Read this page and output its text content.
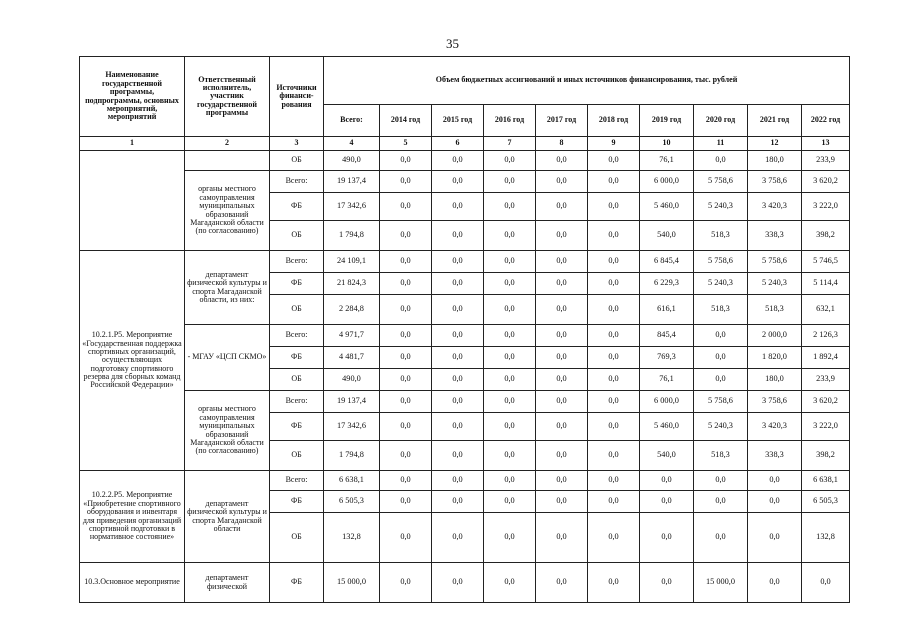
35
Наименование государственной программы, подпрограммы, основных мероприятий, мероприятий	Ответственный исполнитель, участник государственной программы	Источники финанси-рования	Объем бюджетных ассигнований и иных источников финансирования, тыс. рублей									
			Всего:	2014 год	2015 год	2016 год	2017 год	2018 год	2019 год	2020 год	2021 год	2022 год
1	2	3	4	5	6	7	8	9	10	11	12	13
		ОБ	490,0	0,0	0,0	0,0	0,0	0,0	76,1	0,0	180,0	233,9
	органы местного самоуправления муниципальных образований Магаданской области (по согласованию)	Всего:	19 137,4	0,0	0,0	0,0	0,0	0,0	6 000,0	5 758,6	3 758,6	3 620,2
		ФБ	17 342,6	0,0	0,0	0,0	0,0	0,0	5 460,0	5 240,3	3 420,3	3 222,0
		ОБ	1 794,8	0,0	0,0	0,0	0,0	0,0	540,0	518,3	338,3	398,2
10.2.1.Р5. Мероприятие «Государственная поддержка спортивных организаций, осуществляющих подготовку спортивного резерва для сборных команд Российской Федерации»	департамент физической культуры и спорта Магаданской области, из них:	Всего:	24 109,1	0,0	0,0	0,0	0,0	0,0	6 845,4	5 758,6	5 758,6	5 746,5
		ФБ	21 824,3	0,0	0,0	0,0	0,0	0,0	6 229,3	5 240,3	5 240,3	5 114,4
		ОБ	2 284,8	0,0	0,0	0,0	0,0	0,0	616,1	518,3	518,3	632,1
	- МГАУ «ЦСП СКМО»	Всего:	4 971,7	0,0	0,0	0,0	0,0	0,0	845,4	0,0	2 000,0	2 126,3
		ФБ	4 481,7	0,0	0,0	0,0	0,0	0,0	769,3	0,0	1 820,0	1 892,4
		ОБ	490,0	0,0	0,0	0,0	0,0	0,0	76,1	0,0	180,0	233,9
	органы местного самоуправления муниципальных образований Магаданской области (по согласованию)	Всего:	19 137,4	0,0	0,0	0,0	0,0	0,0	6 000,0	5 758,6	3 758,6	3 620,2
		ФБ	17 342,6	0,0	0,0	0,0	0,0	0,0	5 460,0	5 240,3	3 420,3	3 222,0
		ОБ	1 794,8	0,0	0,0	0,0	0,0	0,0	540,0	518,3	338,3	398,2
10.2.2.Р5. Мероприятие «Приобретение спортивного оборудования и инвентаря для приведения организаций спортивной подготовки в нормативное состояние»	департамент физической культуры и спорта Магаданской области	Всего:	6 638,1	0,0	0,0	0,0	0,0	0,0	0,0	0,0	0,0	6 638,1
		ФБ	6 505,3	0,0	0,0	0,0	0,0	0,0	0,0	0,0	0,0	6 505,3
		ОБ	132,8	0,0	0,0	0,0	0,0	0,0	0,0	0,0	0,0	132,8
10.3.Основное мероприятие	департамент физической	ФБ	15 000,0	0,0	0,0	0,0	0,0	0,0	0,0	15 000,0	0,0	0,0
